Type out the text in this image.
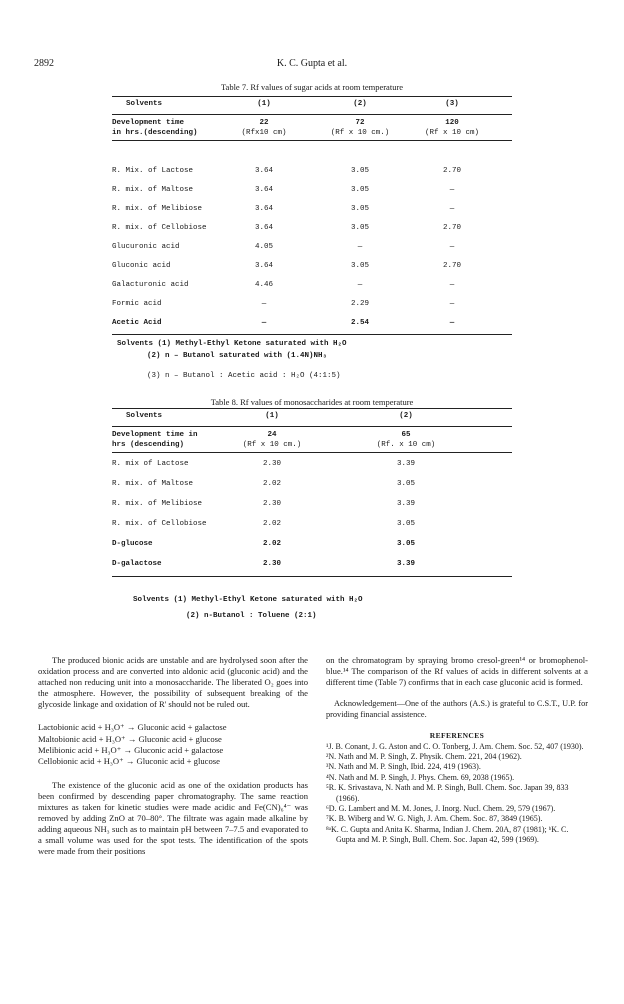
2892	K. C. Gupta et al.
Table 7. Rf values of sugar acids at room temperature
Solvents	(1)	(2)	(3)
Development time
in hrs.(descending)
22	72	120
(Rfx10 cm)	(Rf x 10 cm.)	(Rf x 10 cm)
R. Mix. of Lactose	3.64	3.05	2.70
R. mix. of Maltose	3.64	3.05	—
R. mix. of Melibiose	3.64	3.05	—
R. mix. of Cellobiose	3.64	3.05	2.70
Glucuronic acid	4.05	—	—
Gluconic acid	3.64	3.05	2.70
Galacturonic acid	4.46	—	—
Formic acid	—	2.29	—
Acetic Acid	—	2.54	—
Solvents (1) Methyl-Ethyl Ketone saturated with H₂O
(2) n – Butanol saturated with (1.4N)NH₃
(3) n – Butanol : Acetic acid : H₂O (4:1:5)
Table 8. Rf values of monosaccharides at room temperature
Solvents	(1)	(2)
Development time in
hrs (descending)
24	65
(Rf x 10 cm.)	(Rf. x 10 cm)
R. mix of Lactose	2.30	3.39
R. mix. of Maltose	2.02	3.05
R. mix. of Melibiose	2.30	3.39
R. mix. of Cellobiose	2.02	3.05
D-glucose	2.02	3.05
D-galactose	2.30	3.39
Solvents (1) Methyl-Ethyl Ketone saturated with H₂O
(2) n-Butanol : Toluene (2:1)

The produced bionic acids are unstable and are hydrolysed soon after the oxidation process and are converted into aldonic acid (gluconic acid) and the attached non reducing unit into a monosaccharide. The liberated O₂ goes into the atmosphere. However, the possibility of subsequent breaking of the glycoside linkage and oxidation of R' should not be ruled out.

Lactobionic acid + H₃O⁺ → Gluconic acid + galactose

Maltobionic acid + H₃O⁺ → Gluconic acid + glucose

Melibionic acid + H₃O⁺ → Gluconic acid + galactose

Cellobionic acid + H₃O⁺ → Gluconic acid + glucose

The existence of the gluconic acid as one of the oxidation products has been confirmed by descending paper chromatography. The same reaction mixtures as taken for kinetic studies were made acidic and Fe(CN)₆⁴⁻ was removed by adding ZnO at 70–80°. The filtrate was again made alkaline by adding aqueous NH₃ such as to maintain pH between 7–7.5 and evaporated to a small volume was used for the spot tests. The identification of the spots were made from their positions

on the chromatogram by spraying bromo cresol-green¹⁴ or bromophenol-blue.¹⁴ The comparison of the Rf values of acids in different solvents at a different time (Table 7) confirms that in each case gluconic acid is formed.

Acknowledgement—One of the authors (A.S.) is grateful to C.S.T., U.P. for providing financial assistence.

REFERENCES

¹J. B. Conant, J. G. Aston and C. O. Tonberg, J. Am. Chem. Soc. 52, 407 (1930).

²N. Nath and M. P. Singh, Z. Physik. Chem. 221, 204 (1962).

³N. Nath and M. P. Singh, Ibid. 224, 419 (1963).

⁴N. Nath and M. P. Singh, J. Phys. Chem. 69, 2038 (1965).

⁵R. K. Srivastava, N. Nath and M. P. Singh, Bull. Chem. Soc. Japan 39, 833 (1966).

⁶D. G. Lambert and M. M. Jones, J. Inorg. Nucl. Chem. 29, 579 (1967).

⁷K. B. Wiberg and W. G. Nigh, J. Am. Chem. Soc. 87, 3849 (1965).

⁸ᵃK. C. Gupta and Anita K. Sharma, Indian J. Chem. 20A, 87 (1981); ᵇK. C. Gupta and M. P. Singh, Bull. Chem. Soc. Japan 42, 599 (1969).
